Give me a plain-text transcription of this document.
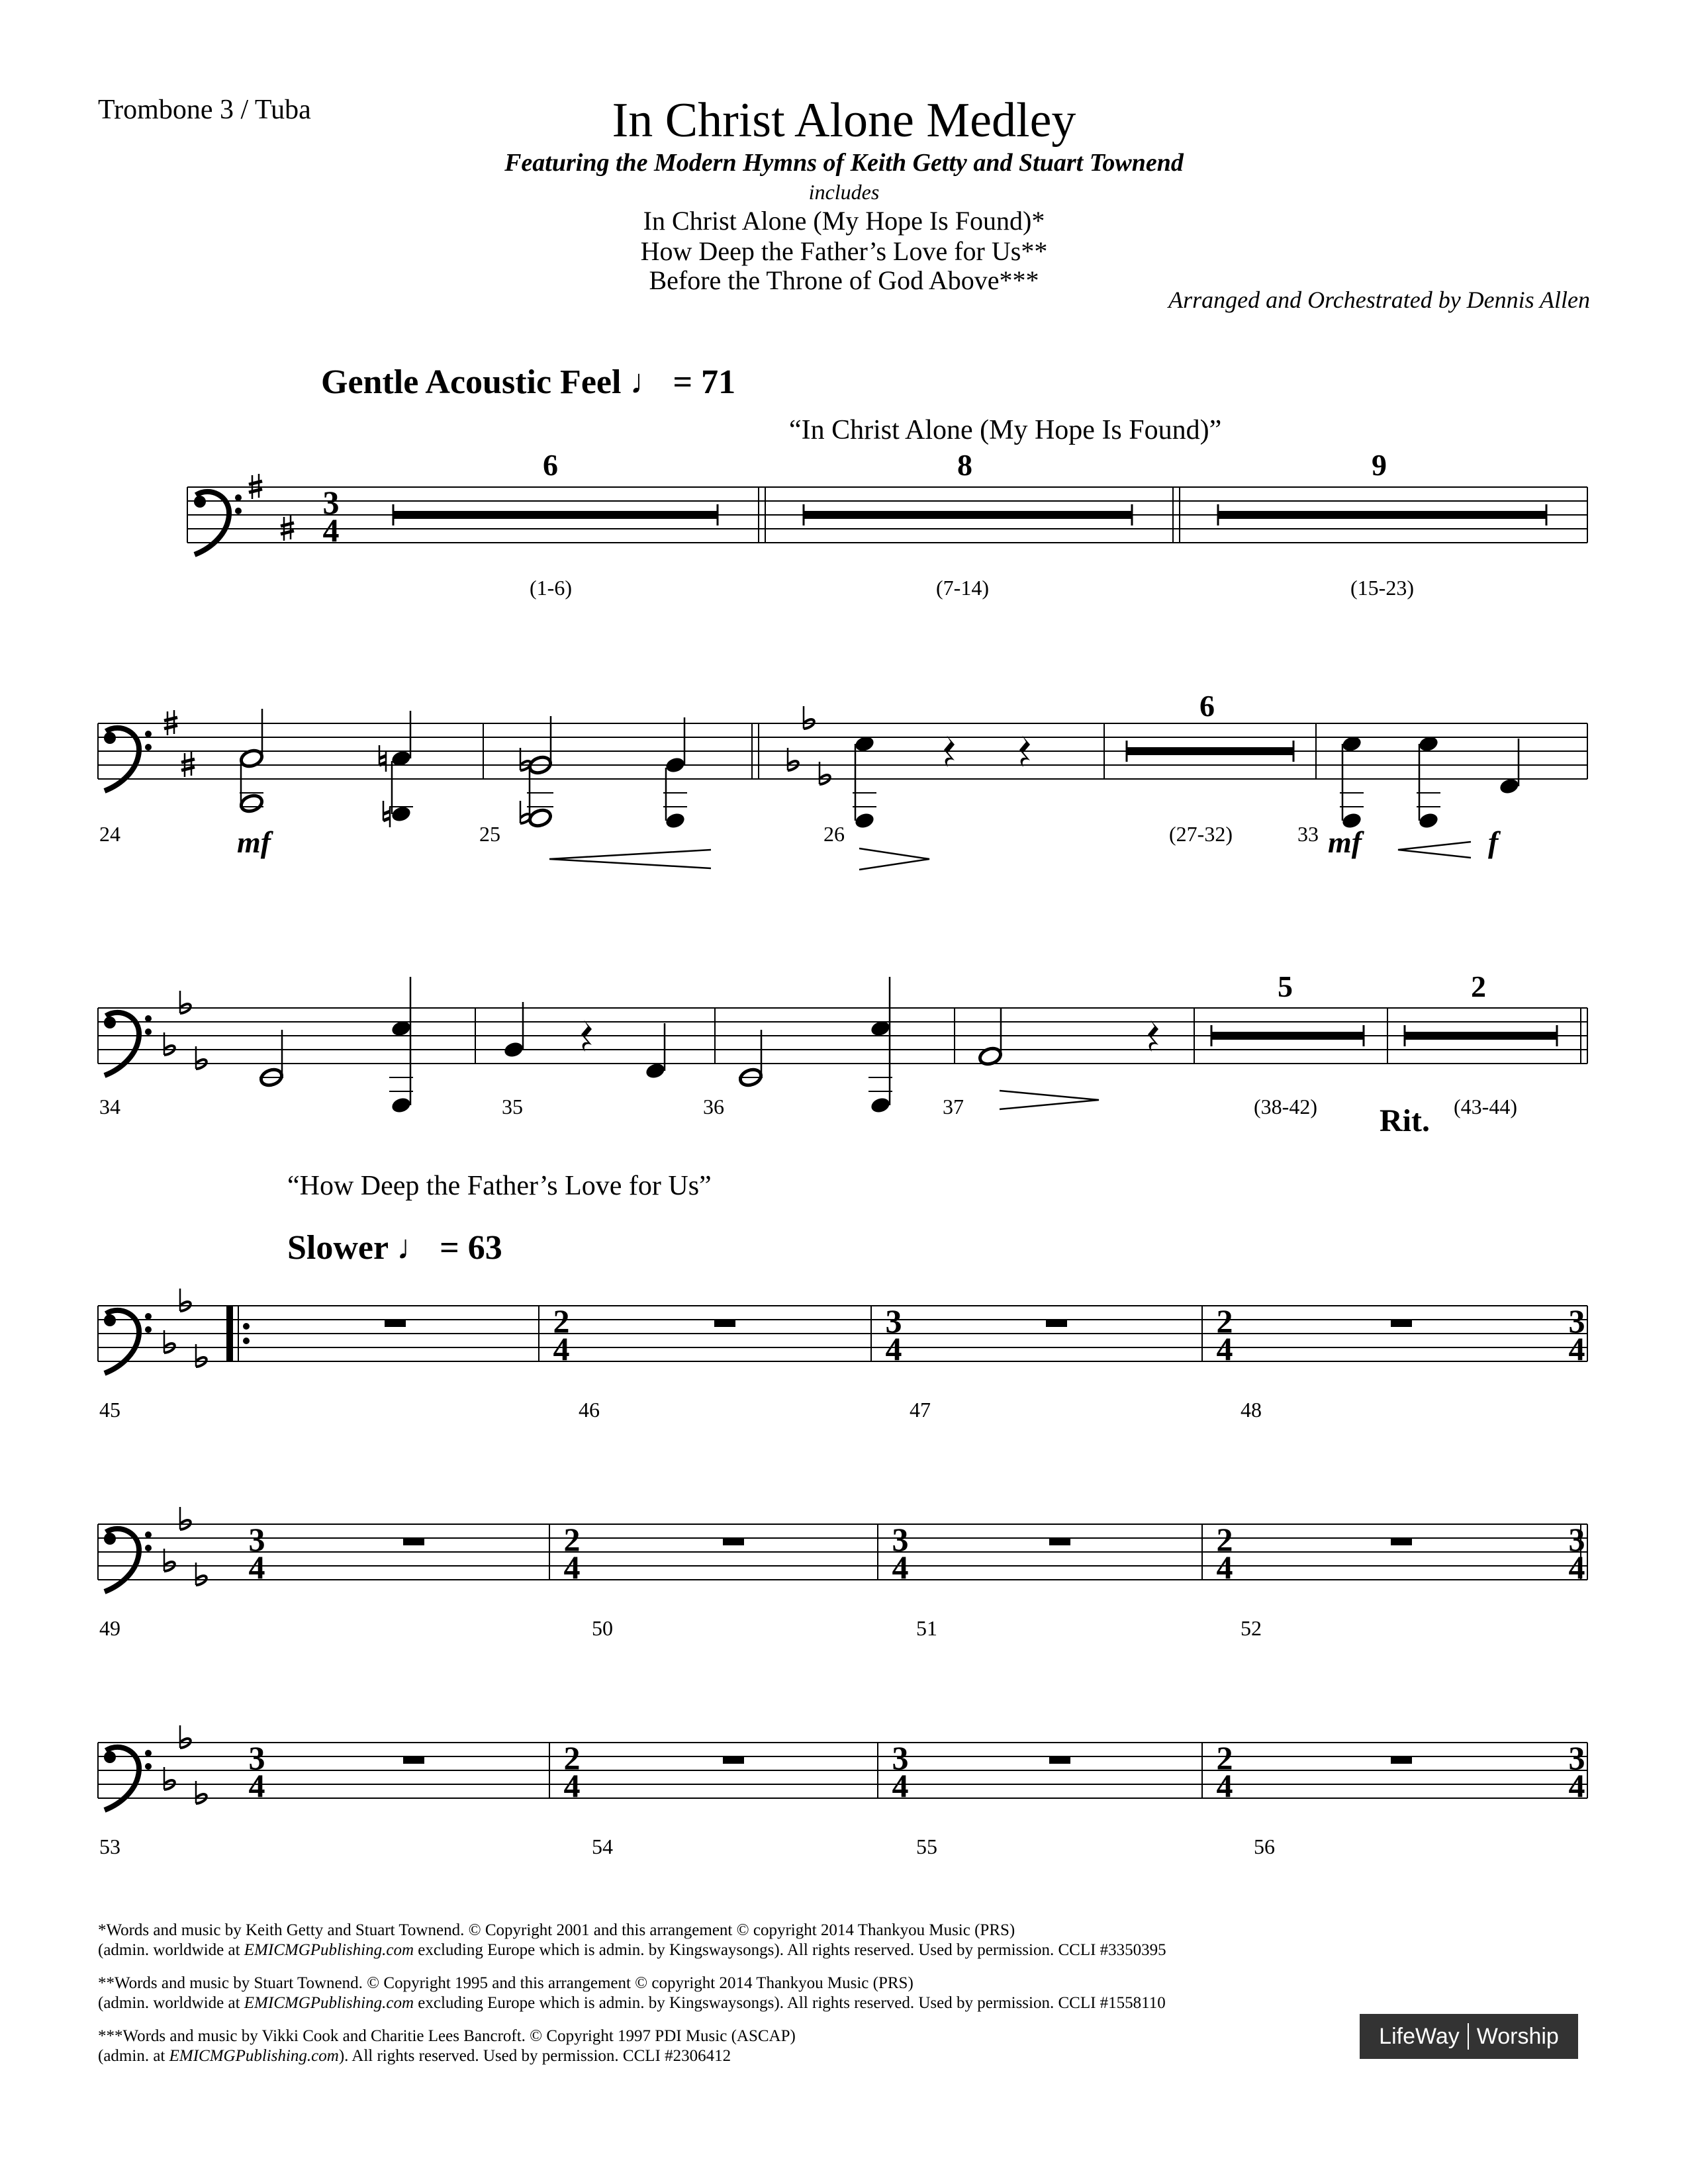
Trombone 3 / Tuba	In Christ Alone Medley
Featuring the Modern Hymns of Keith Getty and Stuart Townend
includes
In Christ Alone (My Hope Is Found)*
How Deep the Father’s Love for Us**
Before the Throne of God Above***
Arranged and Orchestrated by Dennis Allen
Gentle Acoustic Feel ♩ = 71
“In Christ Alone (My Hope Is Found)”
“How Deep the Father’s Love for Us”
Slower ♩ = 63
3
4
2
4
3
4
2
4
3
4
3
4
2
4
3
4
2
4
3
4
3
4
2
4
3
4
2
4
3
4
6	8	9
(1-6)	(7-14)	(15-23)
24	25	26	33
6
(27-32)
mf	mf	f
34	35	36	37
5	2
(38-42)	(43-44)
Rit.
45	46	47	48
49	50	51	52
53	54	55	56
*Words and music by Keith Getty and Stuart Townend. © Copyright 2001 and this arrangement © copyright 2014 Thankyou Music (PRS)
(admin. worldwide at EMICMGPublishing.com excluding Europe which is admin. by Kingswaysongs). All rights reserved. Used by permission. CCLI #3350395
**Words and music by Stuart Townend. © Copyright 1995 and this arrangement © copyright 2014 Thankyou Music (PRS)
(admin. worldwide at EMICMGPublishing.com excluding Europe which is admin. by Kingswaysongs). All rights reserved. Used by permission. CCLI #1558110
***Words and music by Vikki Cook and Charitie Lees Bancroft. © Copyright 1997 PDI Music (ASCAP)
(admin. at EMICMGPublishing.com). All rights reserved. Used by permission. CCLI #2306412
LifeWay Worship
